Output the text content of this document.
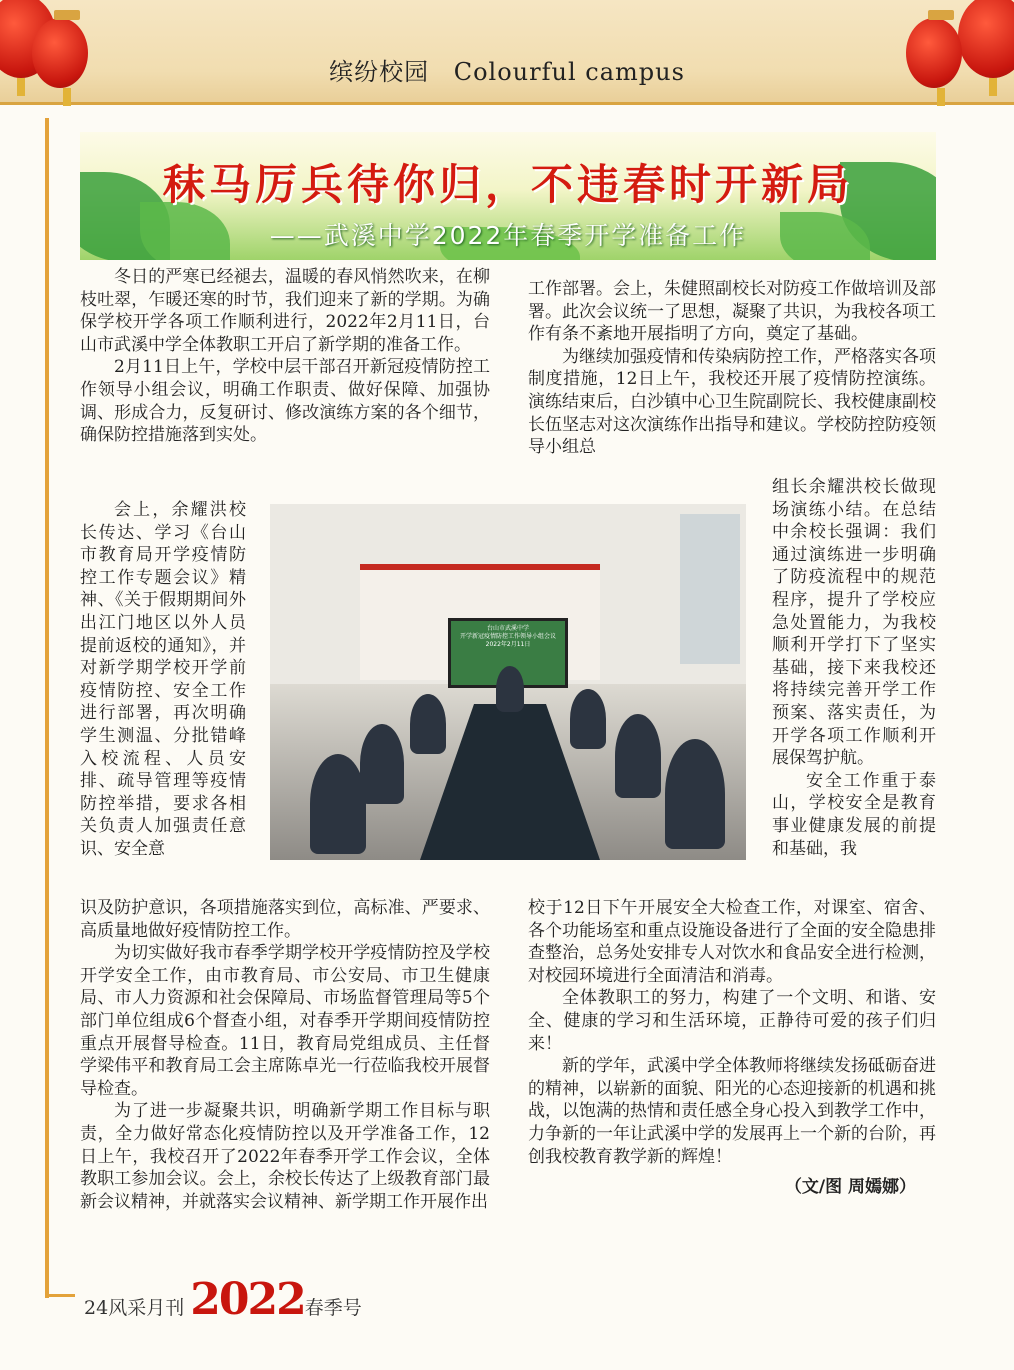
缤纷校园 Colourful campus
秣马厉兵待你归，不违春时开新局
——武溪中学2022年春季开学准备工作

冬日的严寒已经褪去，温暖的春风悄然吹来，在柳枝吐翠，乍暖还寒的时节，我们迎来了新的学期。为确保学校开学各项工作顺利进行，2022年2月11日，台山市武溪中学全体教职工开启了新学期的准备工作。

2月11日上午，学校中层干部召开新冠疫情防控工作领导小组会议，明确工作职责、做好保障、加强协调、形成合力，反复研讨、修改演练方案的各个细节，确保防控措施落到实处。

会上，余耀洪校长传达、学习《台山市教育局开学疫情防控工作专题会议》精神、《关于假期期间外出江门地区以外人员提前返校的通知》，并对新学期学校开学前疫情防控、安全工作进行部署，再次明确学生测温、分批错峰入校流程、人员安排、疏导管理等疫情防控举措，要求各相关负责人加强责任意识、安全意

识及防护意识，各项措施落实到位，高标准、严要求、高质量地做好疫情防控工作。

为切实做好我市春季学期学校开学疫情防控及学校开学安全工作，由市教育局、市公安局、市卫生健康局、市人力资源和社会保障局、市场监督管理局等5个部门单位组成6个督查小组，对春季开学期间疫情防控重点开展督导检查。11日，教育局党组成员、主任督学梁伟平和教育局工会主席陈卓光一行莅临我校开展督导检查。

为了进一步凝聚共识，明确新学期工作目标与职责，全力做好常态化疫情防控以及开学准备工作，12日上午，我校召开了2022年春季开学工作会议，全体教职工参加会议。会上，余校长传达了上级教育部门最新会议精神，并就落实会议精神、新学期工作开展作出

工作部署。会上，朱健照副校长对防疫工作做培训及部署。此次会议统一了思想，凝聚了共识，为我校各项工作有条不紊地开展指明了方向，奠定了基础。

为继续加强疫情和传染病防控工作，严格落实各项制度措施，12日上午，我校还开展了疫情防控演练。演练结束后，白沙镇中心卫生院副院长、我校健康副校长伍坚志对这次演练作出指导和建议。学校防控防疫领导小组总

组长余耀洪校长做现场演练小结。在总结中余校长强调：我们通过演练进一步明确了防疫流程中的规范程序，提升了学校应急处置能力，为我校顺利开学打下了坚实基础，接下来我校还将持续完善开学工作预案、落实责任，为开学各项工作顺利开展保驾护航。

安全工作重于泰山，学校安全是教育事业健康发展的前提和基础，我

校于12日下午开展安全大检查工作，对课室、宿舍、各个功能场室和重点设施设备进行了全面的安全隐患排查整治，总务处安排专人对饮水和食品安全进行检测，对校园环境进行全面清洁和消毒。

全体教职工的努力，构建了一个文明、和谐、安全、健康的学习和生活环境，正静待可爱的孩子们归来！

新的学年，武溪中学全体教师将继续发扬砥砺奋进的精神，以崭新的面貌、阳光的心态迎接新的机遇和挑战，以饱满的热情和责任感全身心投入到教学工作中，力争新的一年让武溪中学的发展再上一个新的台阶，再创我校教育教学新的辉煌！

（文/图 周嫣娜）

台山市武溪中学
开学新冠疫情防控工作领导小组会议
2022年2月11日
24风采月刊 2022春季号
